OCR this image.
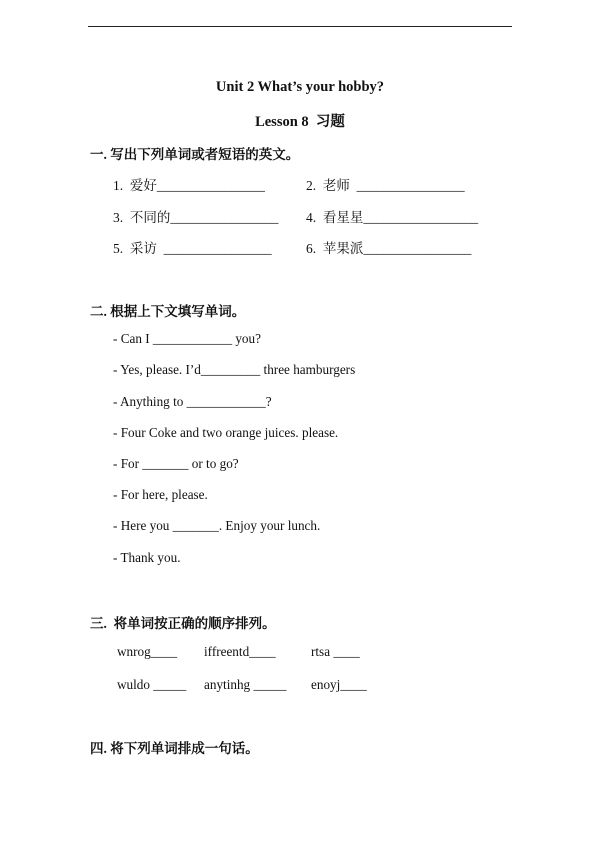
Unit 2 What’s your hobby?
Lesson 8  习题
一. 写出下列单词或者短语的英文。
1.  爱好________________	2.  老师  ________________
3.  不同的________________ 4.  看星星_________________
5.  采访  ________________	6.  苹果派________________
二. 根据上下文填写单词。
- Can I ____________ you?
- Yes, please. I’d_________ three hamburgers
- Anything to ____________?
- Four Coke and two orange juices. please.
- For _______ or to go?
- For here, please.
- Here you _______. Enjoy your lunch.
- Thank you.
三.  将单词按正确的顺序排列。
wnrog____ iffreentd____	rtsa ____
wuldo _____ anytinhg _____ enoyj____
四. 将下列单词排成一句话。
